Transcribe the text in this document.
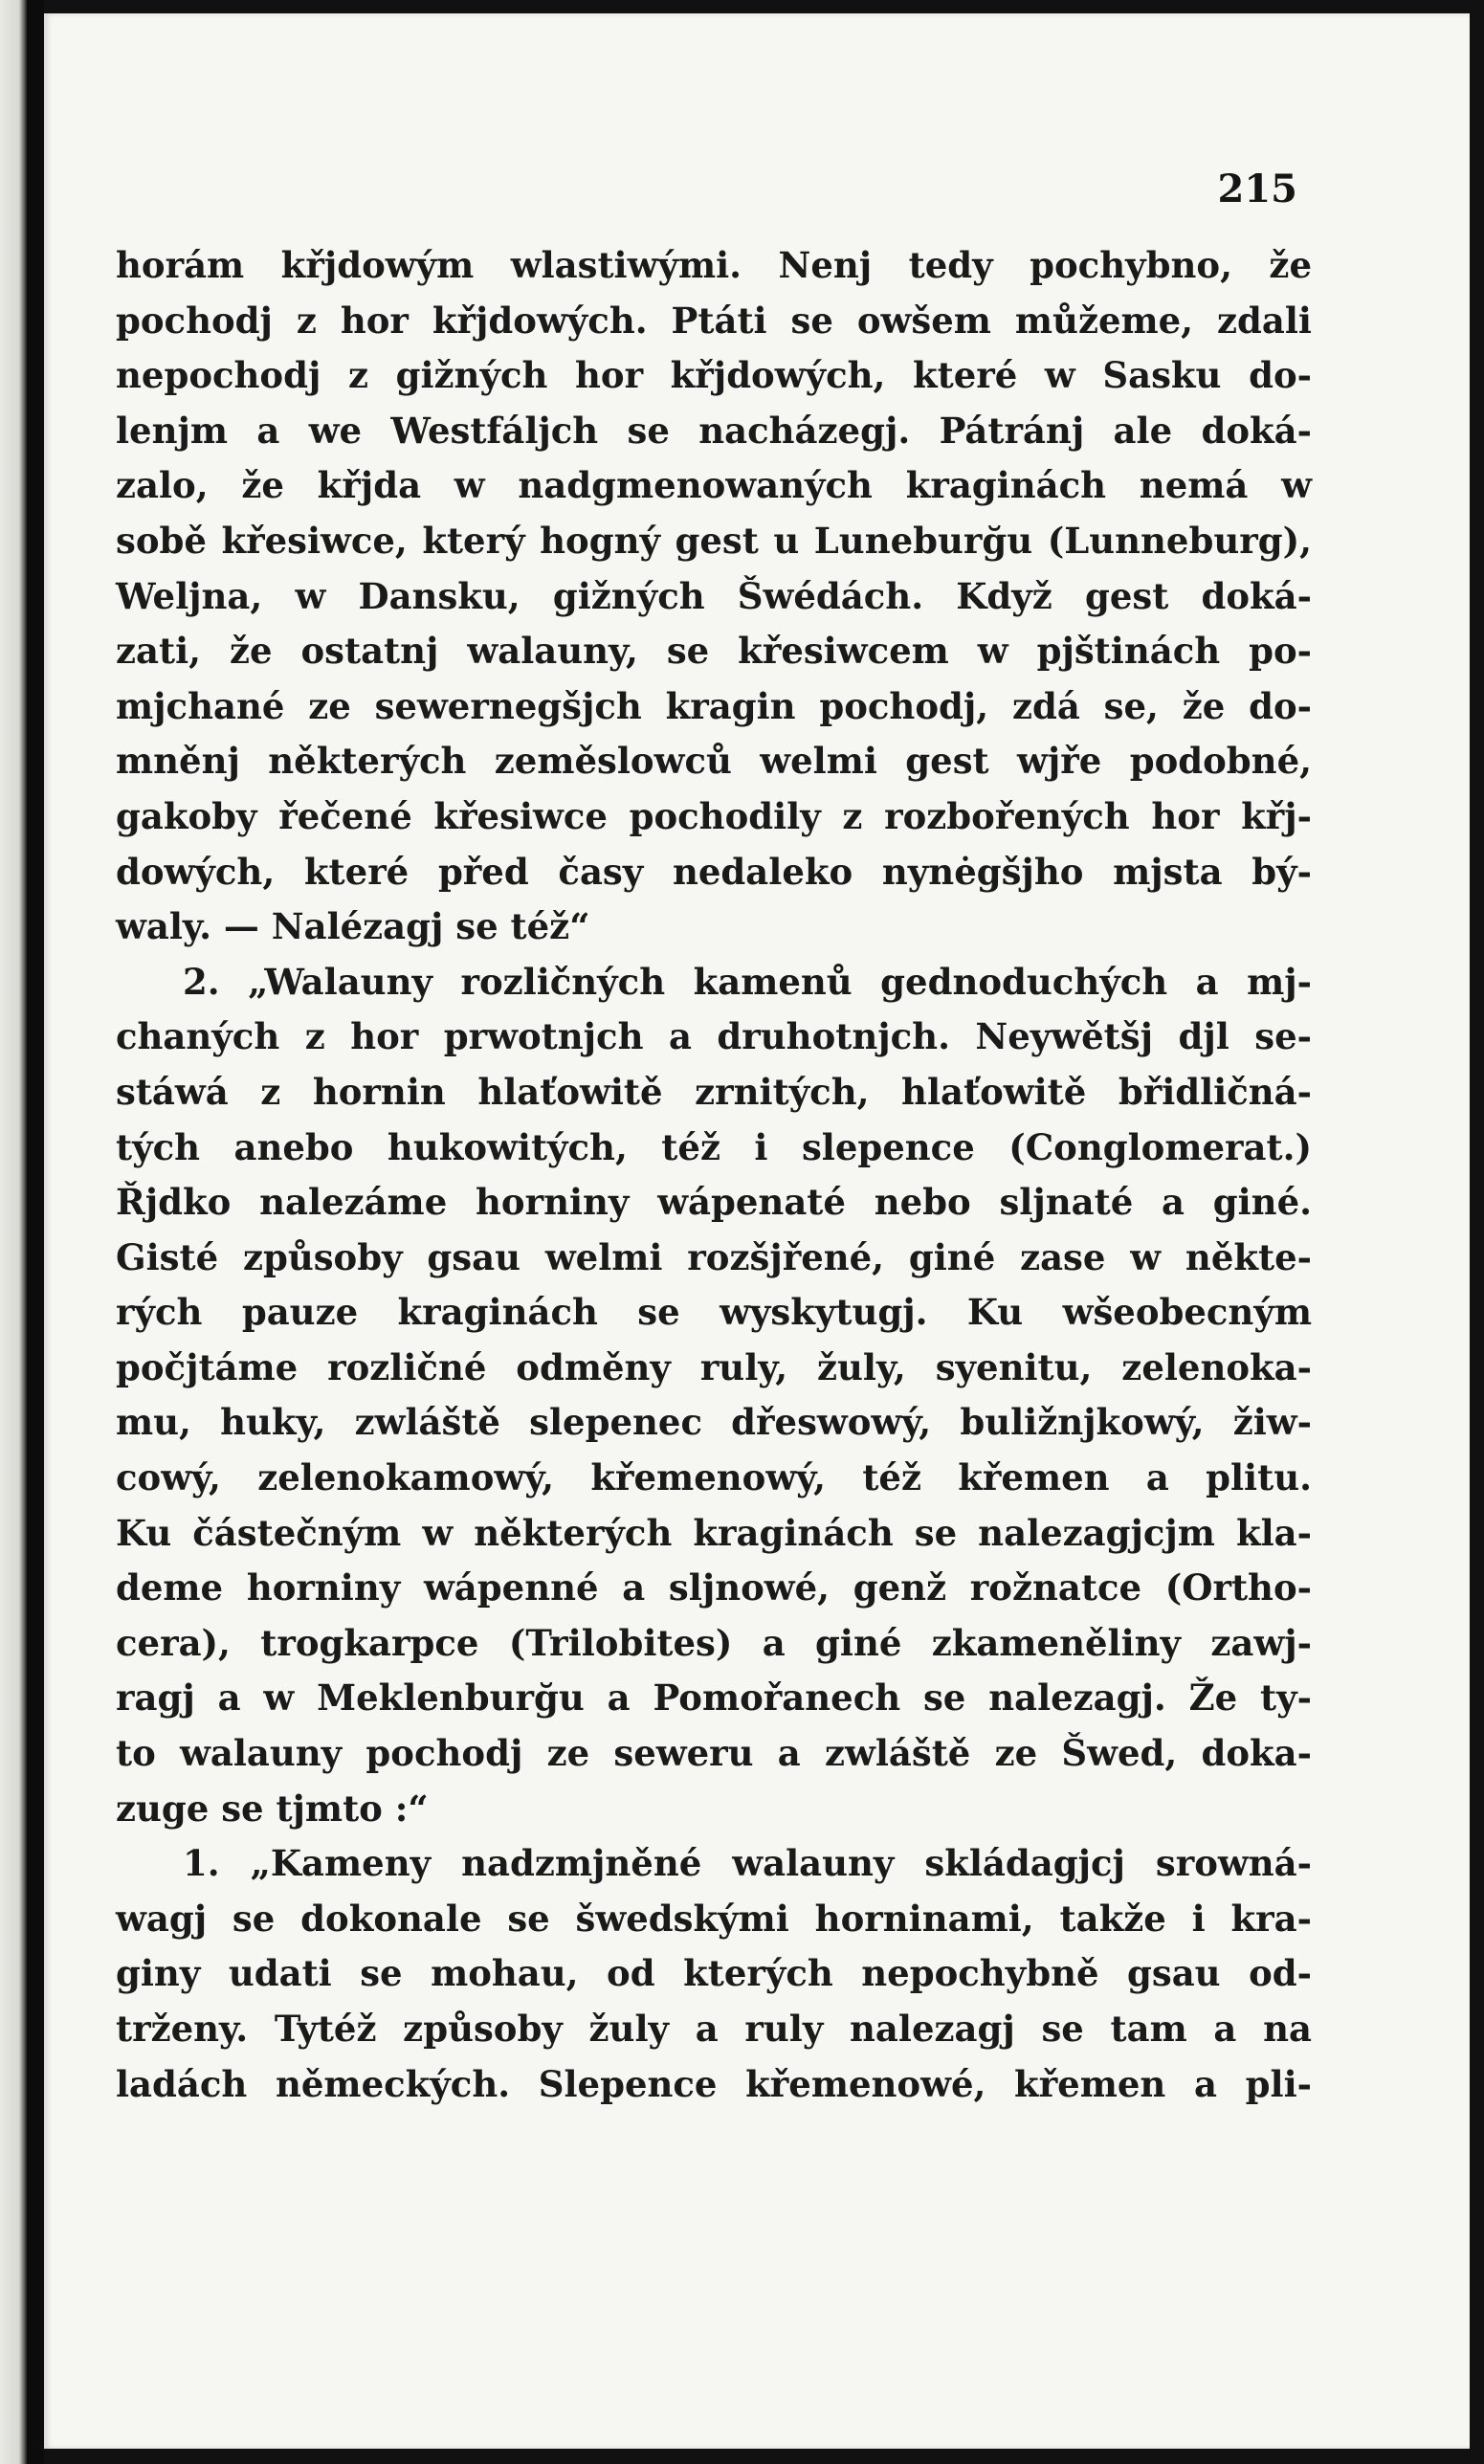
215

horám křjdowým wlastiwými. Nenj tedy pochybno, že
pochodj z hor křjdowých. Ptáti se owšem můžeme, zdali
nepochodj z gižných hor křjdowých, které w Sasku do-
lenjm a we Westfáljch se nacházegj. Pátránj ale doká-
zalo, že křjda w nadgmenowaných kraginách nemá w
sobě křesiwce, který hogný gest u Luneburğu (Lunneburg),
Weljna, w Dansku, gižných Šwédách. Když gest doká-
zati, že ostatnj walauny, se křesiwcem w pjštinách po-
mjchané ze sewernegšjch kragin pochodj, zdá se, že do-
mněnj některých zeměslowců welmi gest wjře podobné,
gakoby řečené křesiwce pochodily z rozbořených hor křj-
dowých, které před časy nedaleko nynėgšjho mjsta bý-
waly. — Nalézagj se též“
2. „Walauny rozličných kamenů gednoduchých a mj-
chaných z hor prwotnjch a druhotnjch. Neywětšj djl se-
stáwá z hornin hlaťowitě zrnitých, hlaťowitě břidličná-
tých anebo hukowitých, též i slepence (Conglomerat.)
Řjdko nalezáme horniny wápenaté nebo sljnaté a giné.
Gisté způsoby gsau welmi rozšjřené, giné zase w někte-
rých pauze kraginách se wyskytugj. Ku wšeobecným
počjtáme rozličné odměny ruly, žuly, syenitu, zelenoka-
mu, huky, zwláště slepenec dřeswowý, buližnjkowý, žiw-
cowý, zelenokamowý, křemenowý, též křemen a plitu.
Ku částečným w některých kraginách se nalezagjcjm kla-
deme horniny wápenné a sljnowé, genž rožnatce (Ortho-
cera), trogkarpce (Trilobites) a giné zkameněliny zawj-
ragj a w Meklenburğu a Pomořanech se nalezagj. Že ty-
to walauny pochodj ze seweru a zwláště ze Šwed, doka-
zuge se tjmto :“
1. „Kameny nadzmjněné walauny skládagjcj srowná-
wagj se dokonale se šwedskými horninami, takže i kra-
giny udati se mohau, od kterých nepochybně gsau od-
trženy. Tytéž způsoby žuly a ruly nalezagj se tam a na
ladách německých. Slepence křemenowé, křemen a pli-
